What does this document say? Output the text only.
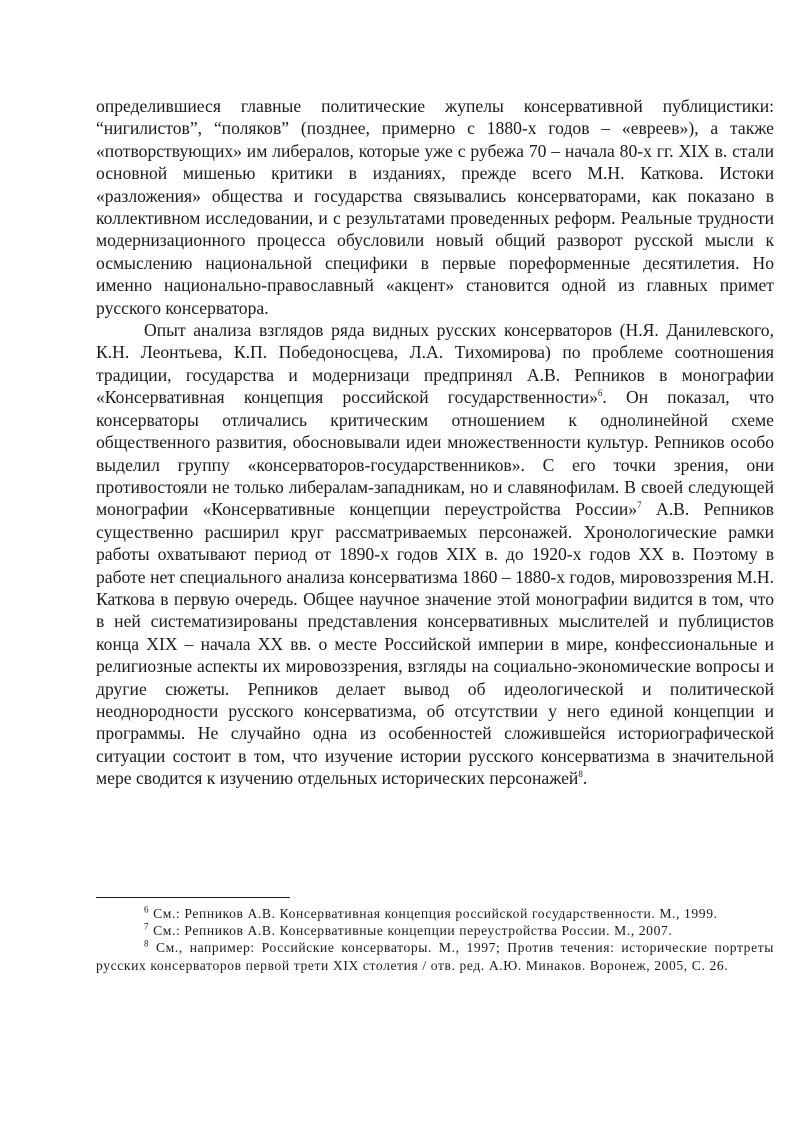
определившиеся главные политические жупелы консервативной публицистики: “нигилистов”, “поляков” (позднее, примерно с 1880-х годов – «евреев»), а также «потворствующих» им либералов, которые уже с рубежа 70 – начала 80-х гг. XIX в. стали основной мишенью критики в изданиях, прежде всего М.Н. Каткова. Истоки «разложения» общества и государства связывались консерваторами, как показано в коллективном исследовании, и с результатами проведенных реформ. Реальные трудности модернизационного процесса обусловили новый общий разворот русской мысли к осмыслению национальной специфики в первые пореформенные десятилетия. Но именно национально-православный «акцент» становится одной из главных примет русского консерватора.

Опыт анализа взглядов ряда видных русских консерваторов (Н.Я. Данилевского, К.Н. Леонтьева, К.П. Победоносцева, Л.А. Тихомирова) по проблеме соотношения традиции, государства и модернизаци предпринял А.В. Репников в монографии «Консервативная концепция российской государственности»$^6$. Он показал, что консерваторы отличались критическим отношением к однолинейной схеме общественного развития, обосновывали идеи множественности культур. Репников особо выделил группу «консерваторов-государственников». С его точки зрения, они противостояли не только либералам-западникам, но и славянофилам. В своей следующей монографии «Консервативные концепции переустройства России»$^7$ А.В. Репников существенно расширил круг рассматриваемых персонажей. Хронологические рамки работы охватывают период от 1890-х годов XIX в. до 1920-х годов XX в. Поэтому в работе нет специального анализа консерватизма 1860 – 1880-х годов, мировоззрения М.Н. Каткова в первую очередь. Общее научное значение этой монографии видится в том, что в ней систематизированы представления консервативных мыслителей и публицистов конца XIX – начала XX вв. о месте Российской империи в мире, конфессиональные и религиозные аспекты их мировоззрения, взгляды на социально-экономические вопросы и другие сюжеты. Репников делает вывод об идеологической и политической неоднородности русского консерватизма, об отсутствии у него единой концепции и программы. Не случайно одна из особенностей сложившейся историографической ситуации состоит в том, что изучение истории русского консерватизма в значительной мере сводится к изучению отдельных исторических персонажей$^8$.

$^6$ См.: Репников А.В. Консервативная концепция российской государственности. М., 1999.

$^7$ См.: Репников А.В. Консервативные концепции переустройства России. М., 2007.

$^8$ См., например: Российские консерваторы. М., 1997; Против течения: исторические портреты русских консерваторов первой трети XIX столетия / отв. ред. А.Ю. Минаков. Воронеж, 2005, С. 26.
